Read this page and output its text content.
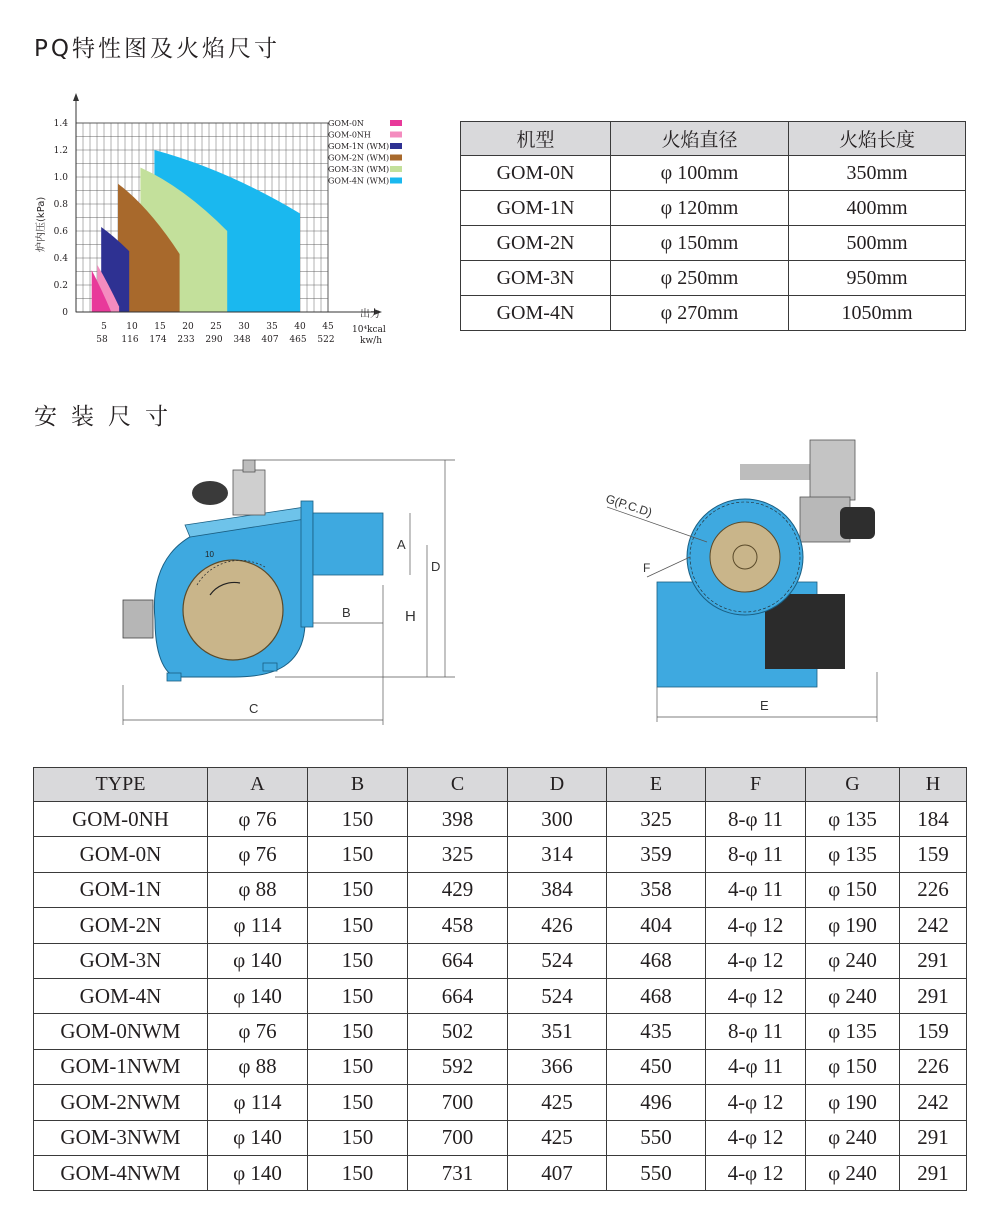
PQ特性图及火焰尺寸
安装尺寸
0
0.2
0.4
0.6
0.8
1.0
1.2
1.4
5
58
10
116
15
174
20
233
25
290
30
348
35
407
40
465
45
522
GOM-0N
GOM-0NH
GOM-1N (WM)
GOM-2N (WM)
GOM-3N (WM)
GOM-4N (WM)
炉内压(kPa)
出力
10⁴kcal
kw/h
机型	火焰直径	火焰长度
GOM-0N	φ 100mm	350mm
GOM-1N	φ 120mm	400mm
GOM-2N	φ 150mm	500mm
GOM-3N	φ 250mm	950mm
GOM-4N	φ 270mm	1050mm
10
C
B
A
H
D
G(P.C.D)
F
E
TYPE	A	B	C	D	E	F	G	H
GOM-0NH	φ 76	150	398	300	325	8-φ 11	φ 135	184
GOM-0N	φ 76	150	325	314	359	8-φ 11	φ 135	159
GOM-1N	φ 88	150	429	384	358	4-φ 11	φ 150	226
GOM-2N	φ 114	150	458	426	404	4-φ 12	φ 190	242
GOM-3N	φ 140	150	664	524	468	4-φ 12	φ 240	291
GOM-4N	φ 140	150	664	524	468	4-φ 12	φ 240	291
GOM-0NWM	φ 76	150	502	351	435	8-φ 11	φ 135	159
GOM-1NWM	φ 88	150	592	366	450	4-φ 11	φ 150	226
GOM-2NWM	φ 114	150	700	425	496	4-φ 12	φ 190	242
GOM-3NWM	φ 140	150	700	425	550	4-φ 12	φ 240	291
GOM-4NWM	φ 140	150	731	407	550	4-φ 12	φ 240	291
